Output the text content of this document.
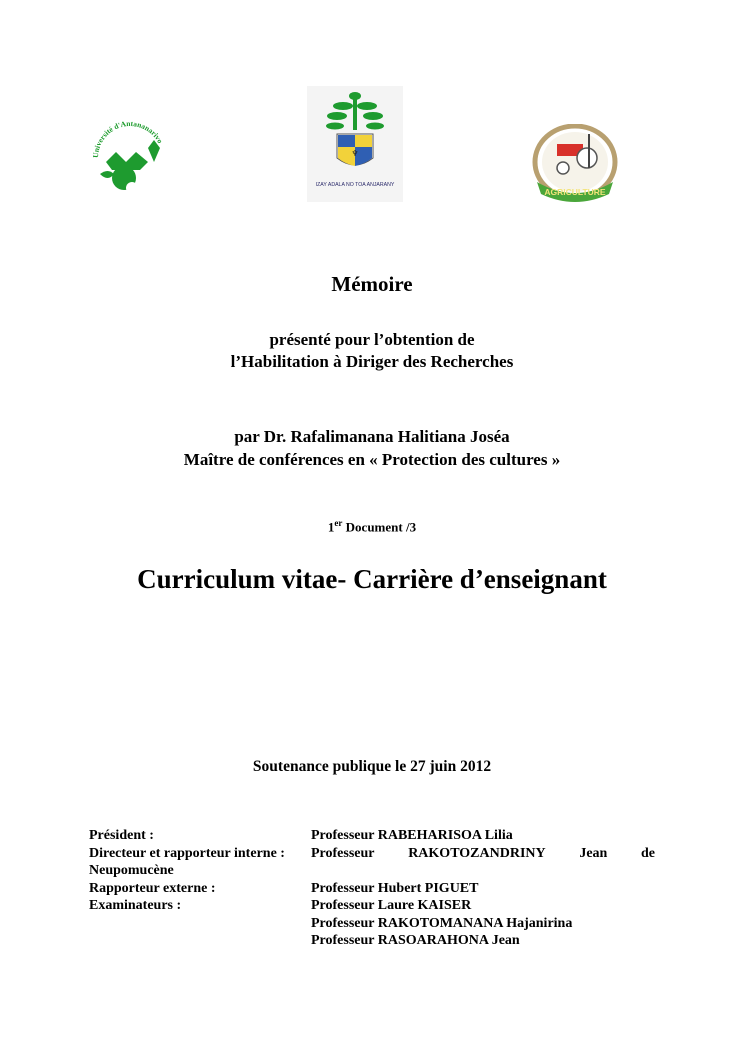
Université d'Antananarivo
♆
IZAY ADALA NO TOA ANJARANY
AGRICULTURE
Mémoire
présenté pour l’obtention de
l’Habilitation à Diriger des Recherches
par Dr. Rafalimanana Halitiana Joséa
Maître de conférences en « Protection des cultures »
1er Document /3
Curriculum vitae- Carrière d’enseignant
Soutenance publique le 27 juin 2012
Président :	Professeur RABEHARISOA Lilia
Directeur et rapporteur interne :	Professeur RAKOTOZANDRINY Jean de
Neupomucène
Rapporteur externe :	Professeur Hubert PIGUET
Examinateurs :	Professeur Laure KAISER
Professeur RAKOTOMANANA Hajanirina
Professeur RASOARAHONA Jean
